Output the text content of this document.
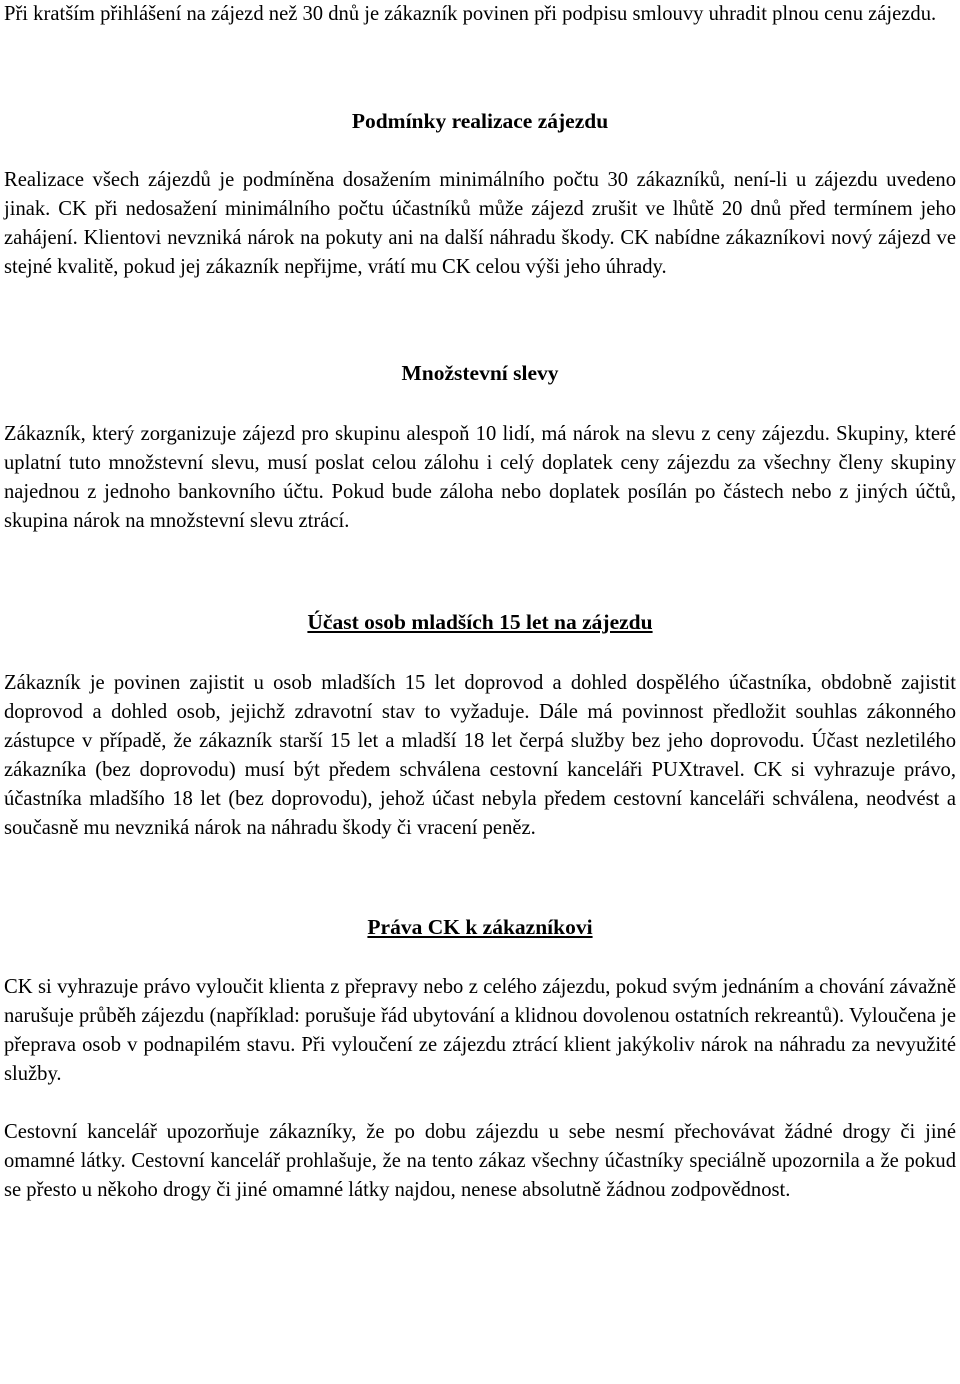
Při kratším přihlášení na zájezd než 30 dnů je zákazník povinen při podpisu smlouvy uhradit plnou cenu zájezdu.

Podmínky realizace zájezdu

Realizace všech zájezdů je podmíněna dosažením minimálního počtu 30 zákazníků, není-li u zájezdu uvedeno jinak. CK při nedosažení minimálního počtu účastníků může zájezd zrušit ve lhůtě 20 dnů před termínem jeho zahájení. Klientovi nevzniká nárok na pokuty ani na další náhradu škody. CK nabídne zákazníkovi nový zájezd ve stejné kvalitě, pokud jej zákazník nepřijme, vrátí mu CK celou výši jeho úhrady.

Množstevní slevy

Zákazník, který zorganizuje zájezd pro skupinu alespoň 10 lidí, má nárok na slevu z ceny zájezdu. Skupiny, které uplatní tuto množstevní slevu, musí poslat celou zálohu i celý doplatek ceny zájezdu za všechny členy skupiny najednou z jednoho bankovního účtu. Pokud bude záloha nebo doplatek posílán po částech nebo z jiných účtů, skupina nárok na množstevní slevu ztrácí.

Účast osob mladších 15 let na zájezdu

Zákazník je povinen zajistit u osob mladších 15 let doprovod a dohled dospělého účastníka, obdobně zajistit doprovod a dohled osob, jejichž zdravotní stav to vyžaduje. Dále má povinnost předložit souhlas zákonného zástupce v případě, že zákazník starší 15 let a mladší 18 let čerpá služby bez jeho doprovodu. Účast nezletilého zákazníka (bez doprovodu) musí být předem schválena cestovní kanceláři PUXtravel. CK si vyhrazuje právo, účastníka mladšího 18 let (bez doprovodu), jehož účast nebyla předem cestovní kanceláři schválena, neodvést a současně mu nevzniká nárok na náhradu škody či vracení peněz.

Práva CK k zákazníkovi

CK si vyhrazuje právo vyloučit klienta z přepravy nebo z celého zájezdu, pokud svým jednáním a chování závažně narušuje průběh zájezdu (například: porušuje řád ubytování a klidnou dovolenou ostatních rekreantů). Vyloučena je přeprava osob v podnapilém stavu. Při vyloučení ze zájezdu ztrácí klient jakýkoliv nárok na náhradu za nevyužité služby.

Cestovní kancelář upozorňuje zákazníky, že po dobu zájezdu u sebe nesmí přechovávat žádné drogy či jiné omamné látky. Cestovní kancelář prohlašuje, že na tento zákaz všechny účastníky speciálně upozornila a že pokud se přesto u někoho drogy či jiné omamné látky najdou, nenese absolutně žádnou zodpovědnost.
